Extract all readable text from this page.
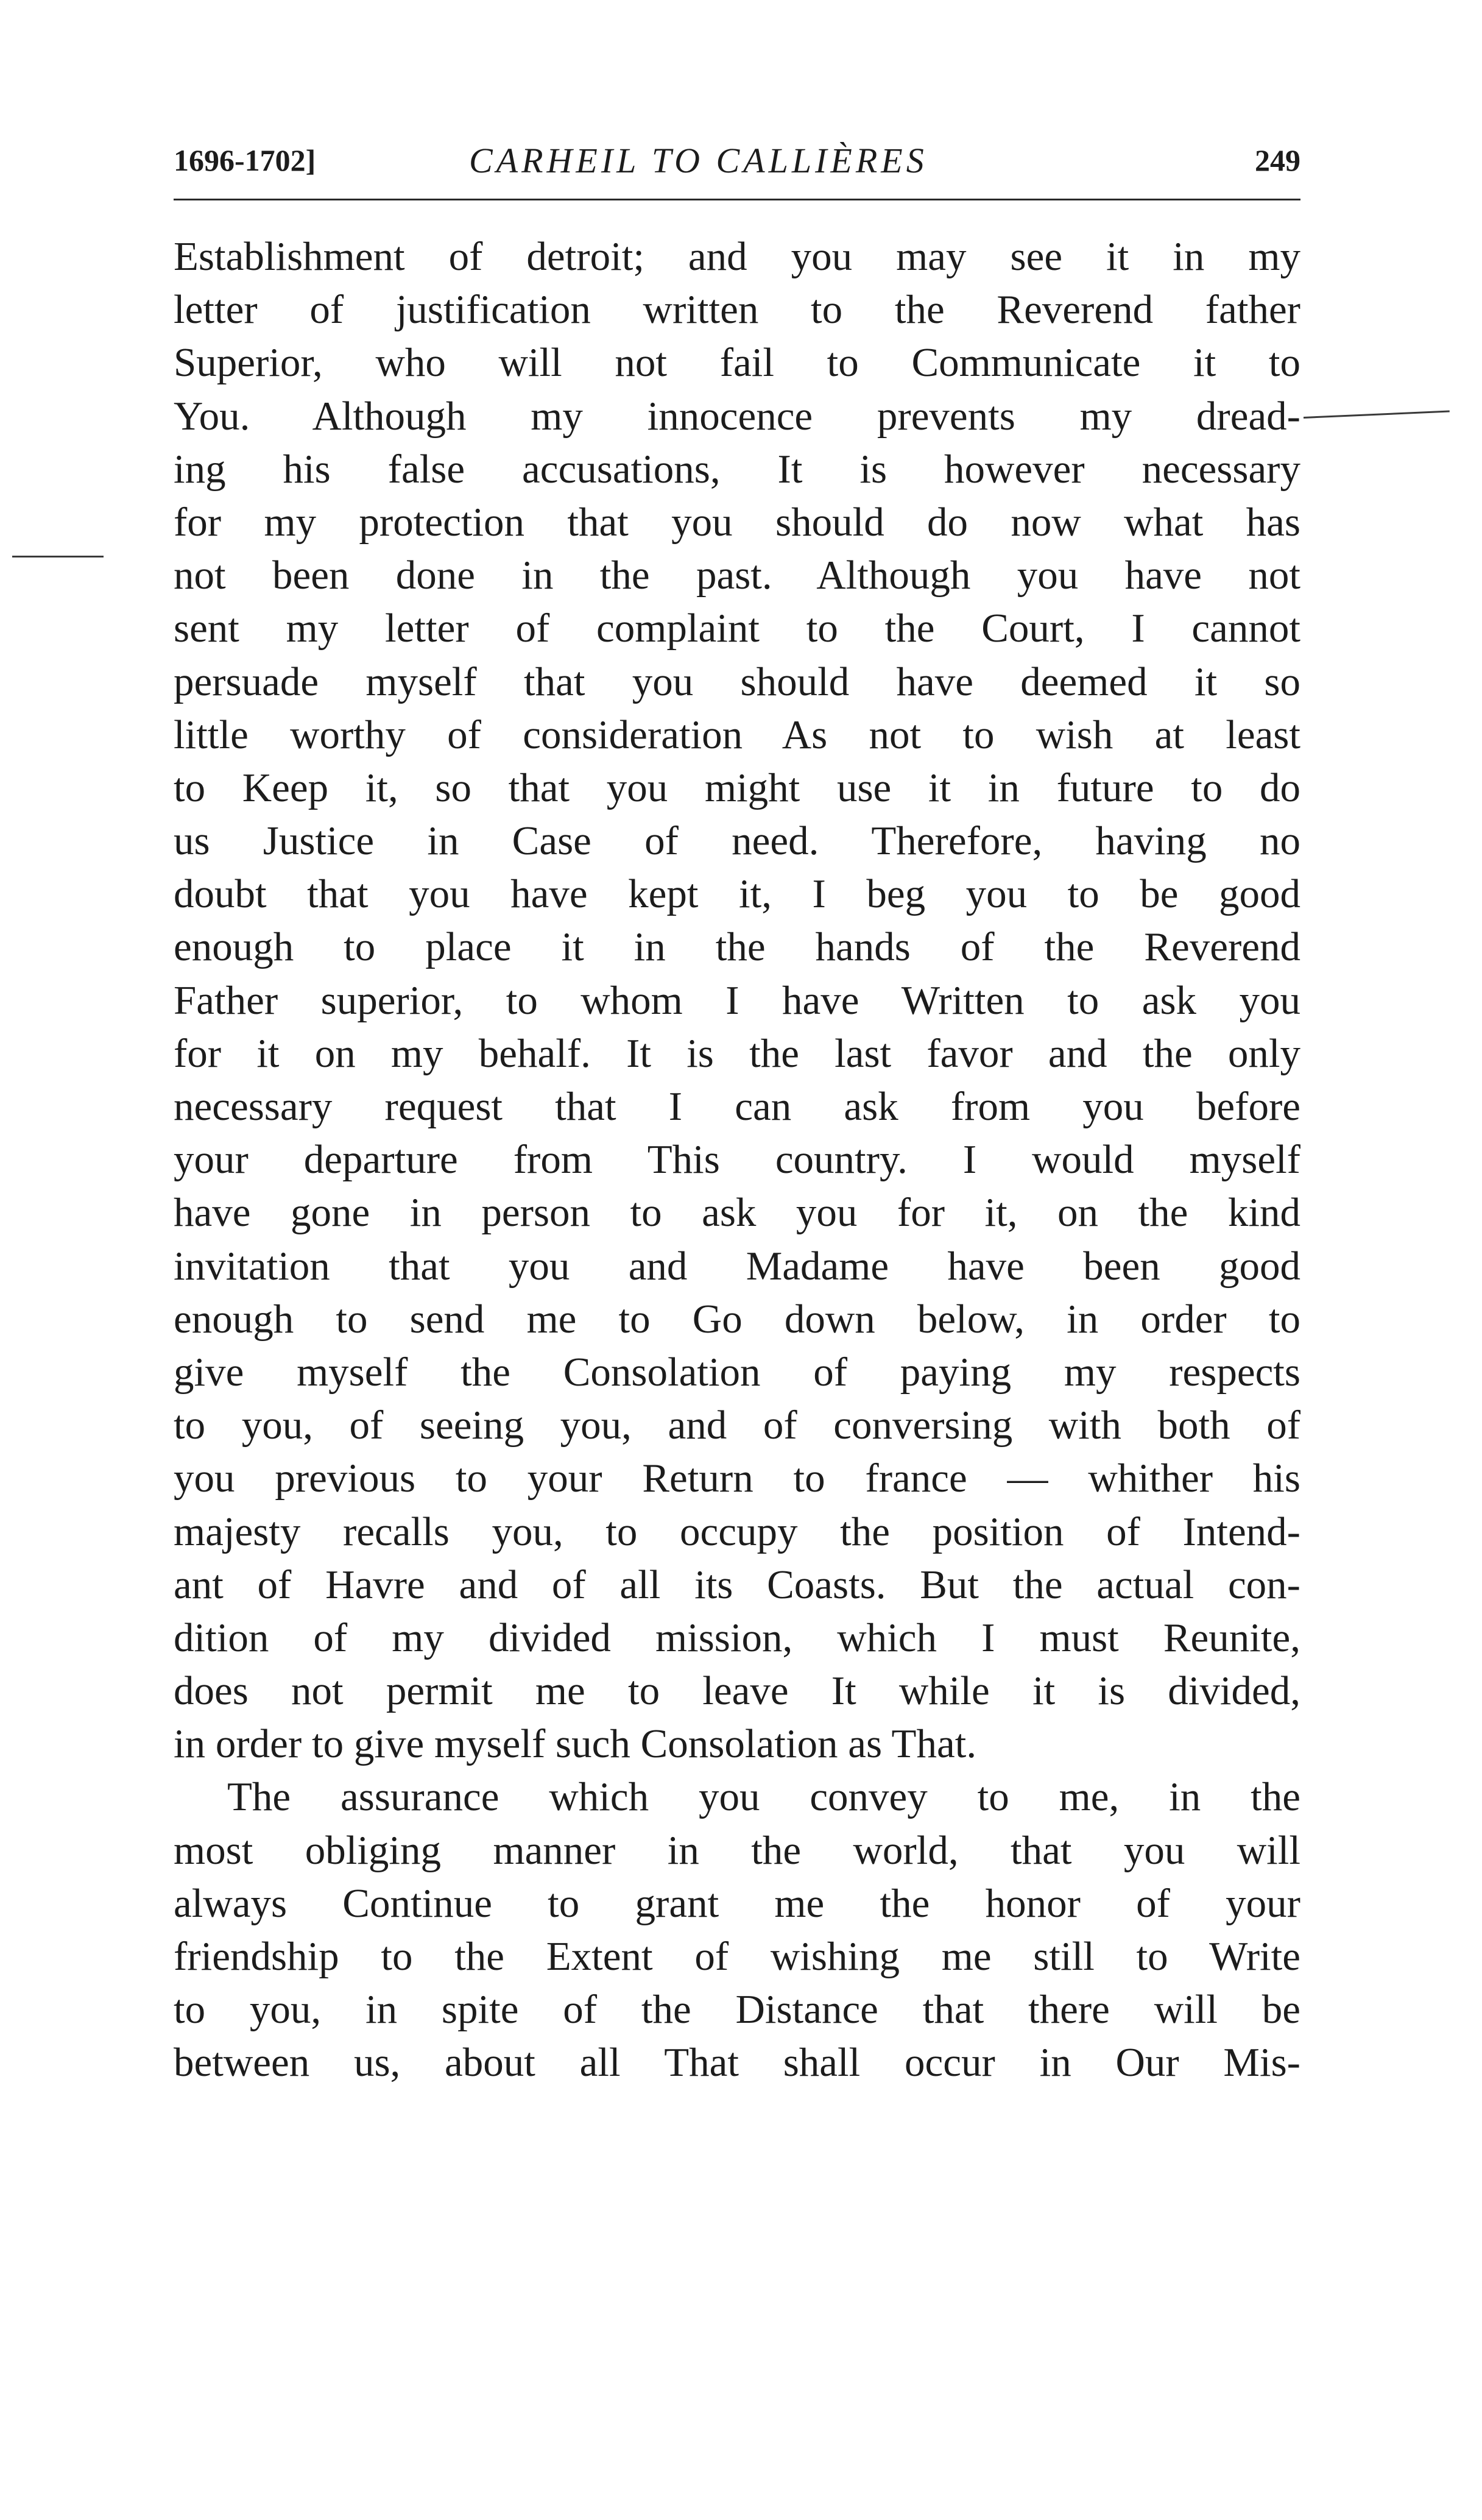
1696-1702]	CARHEIL TO CALLIÈRES	249
Establishment of detroit; and you may see it in my
letter of justification written to the Reverend father
Superior, who will not fail to Communicate it to
You. Although my innocence prevents my dread-
ing his false accusations, It is however necessary
for my protection that you should do now what has
not been done in the past. Although you have not
sent my letter of complaint to the Court, I cannot
persuade myself that you should have deemed it so
little worthy of consideration As not to wish at least
to Keep it, so that you might use it in future to do
us Justice in Case of need. Therefore, having no
doubt that you have kept it, I beg you to be good
enough to place it in the hands of the Reverend
Father superior, to whom I have Written to ask you
for it on my behalf. It is the last favor and the only
necessary request that I can ask from you before
your departure from This country. I would myself
have gone in person to ask you for it, on the kind
invitation that you and Madame have been good
enough to send me to Go down below, in order to
give myself the Consolation of paying my respects
to you, of seeing you, and of conversing with both of
you previous to your Return to france — whither his
majesty recalls you, to occupy the position of Intend-
ant of Havre and of all its Coasts. But the actual con-
dition of my divided mission, which I must Reunite,
does not permit me to leave It while it is divided,
in order to give myself such Consolation as That.
The assurance which you convey to me, in the
most obliging manner in the world, that you will
always Continue to grant me the honor of your
friendship to the Extent of wishing me still to Write
to you, in spite of the Distance that there will be
between us, about all That shall occur in Our Mis-
